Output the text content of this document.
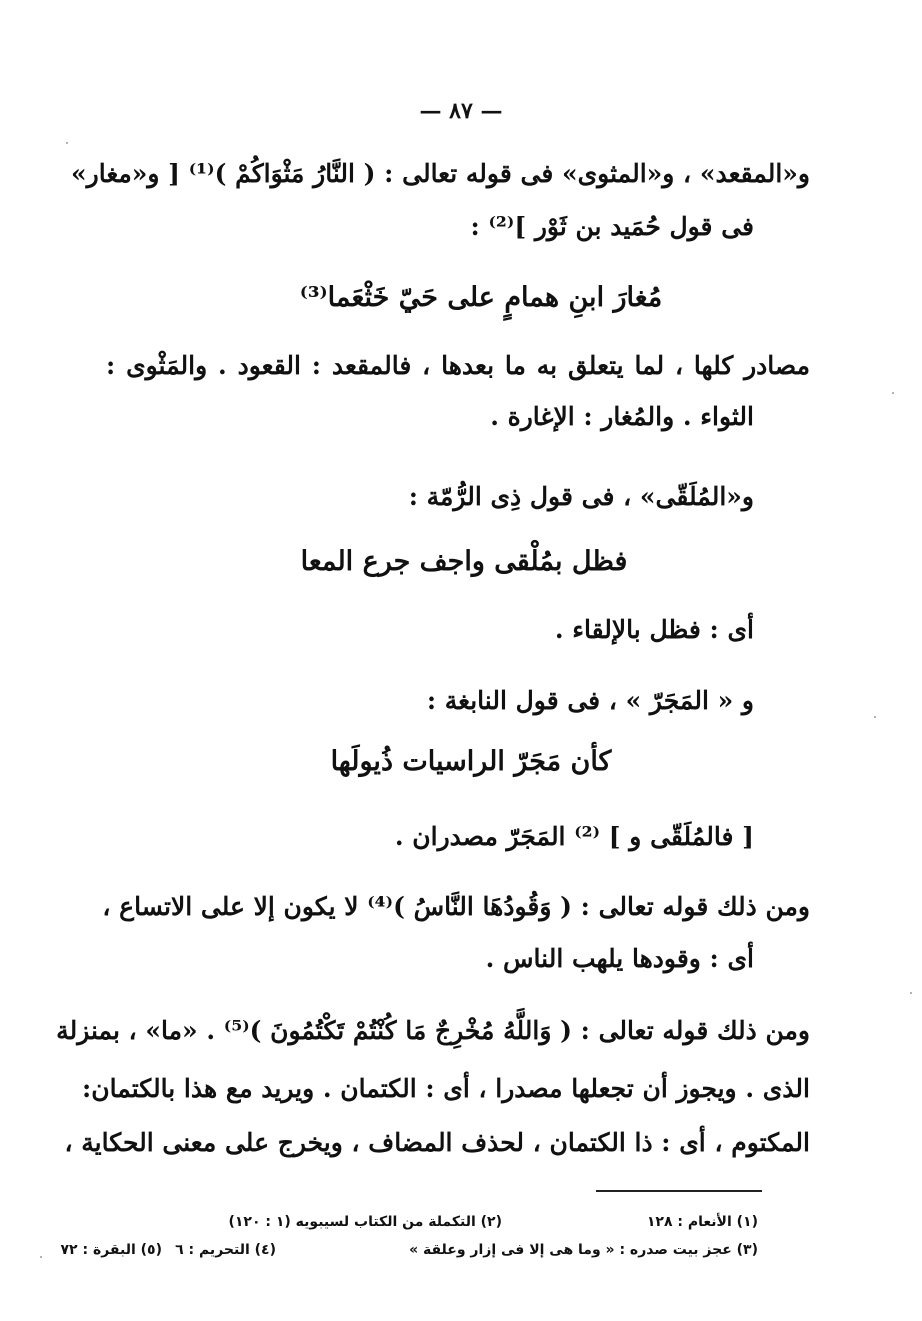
— ٨٧ —
و«المقعد» ، و«المثوى» فى قوله تعالى : ( النَّارُ مَثْوَاكُمْ )⁽¹⁾ [ و«مغار»
فى قول حُمَيد بن ثَوْر ]⁽²⁾ :
مُغارَ ابنِ همامٍ على حَيّ خَثْعَما⁽³⁾
مصادر كلها ، لما يتعلق به ما بعدها ، فالمقعد : القعود . والمَثْوى :
الثواء . والمُغار : الإغارة .
و«المُلَقّى» ، فى قول ذِى الرُّمّة :
فظل بمُلْقى واجف جرع المعا
أى : فظل بالإلقاء .
و « المَجَرّ » ، فى قول النابغة :
كأن مَجَرّ الراسيات ذُيولَها
[ فالمُلَقّى و ] ⁽²⁾ المَجَرّ مصدران .
ومن ذلك قوله تعالى : ( وَقُودُهَا النَّاسُ )⁽⁴⁾ لا يكون إلا على الاتساع ،
أى : وقودها يلهب الناس .
ومن ذلك قوله تعالى : ( وَاللَّهُ مُخْرِجٌ مَا كُنْتُمْ تَكْتُمُونَ )⁽⁵⁾ . «ما» ، بمنزلة
الذى . ويجوز أن تجعلها مصدرا ، أى : الكتمان . ويريد مع هذا بالكتمان:
المكتوم ، أى : ذا الكتمان ، لحذف المضاف ، ويخرج على معنى الحكاية ،
(١) الأنعام : ١٢٨
(٢) التكملة من الكتاب لسيبويه (١ : ١٢٠)
(٣) عجز بيت صدره : « وما هى إلا فى إزار وعلقة »
(٤) التحريم : ٦
(٥) البقرة : ٧٢
